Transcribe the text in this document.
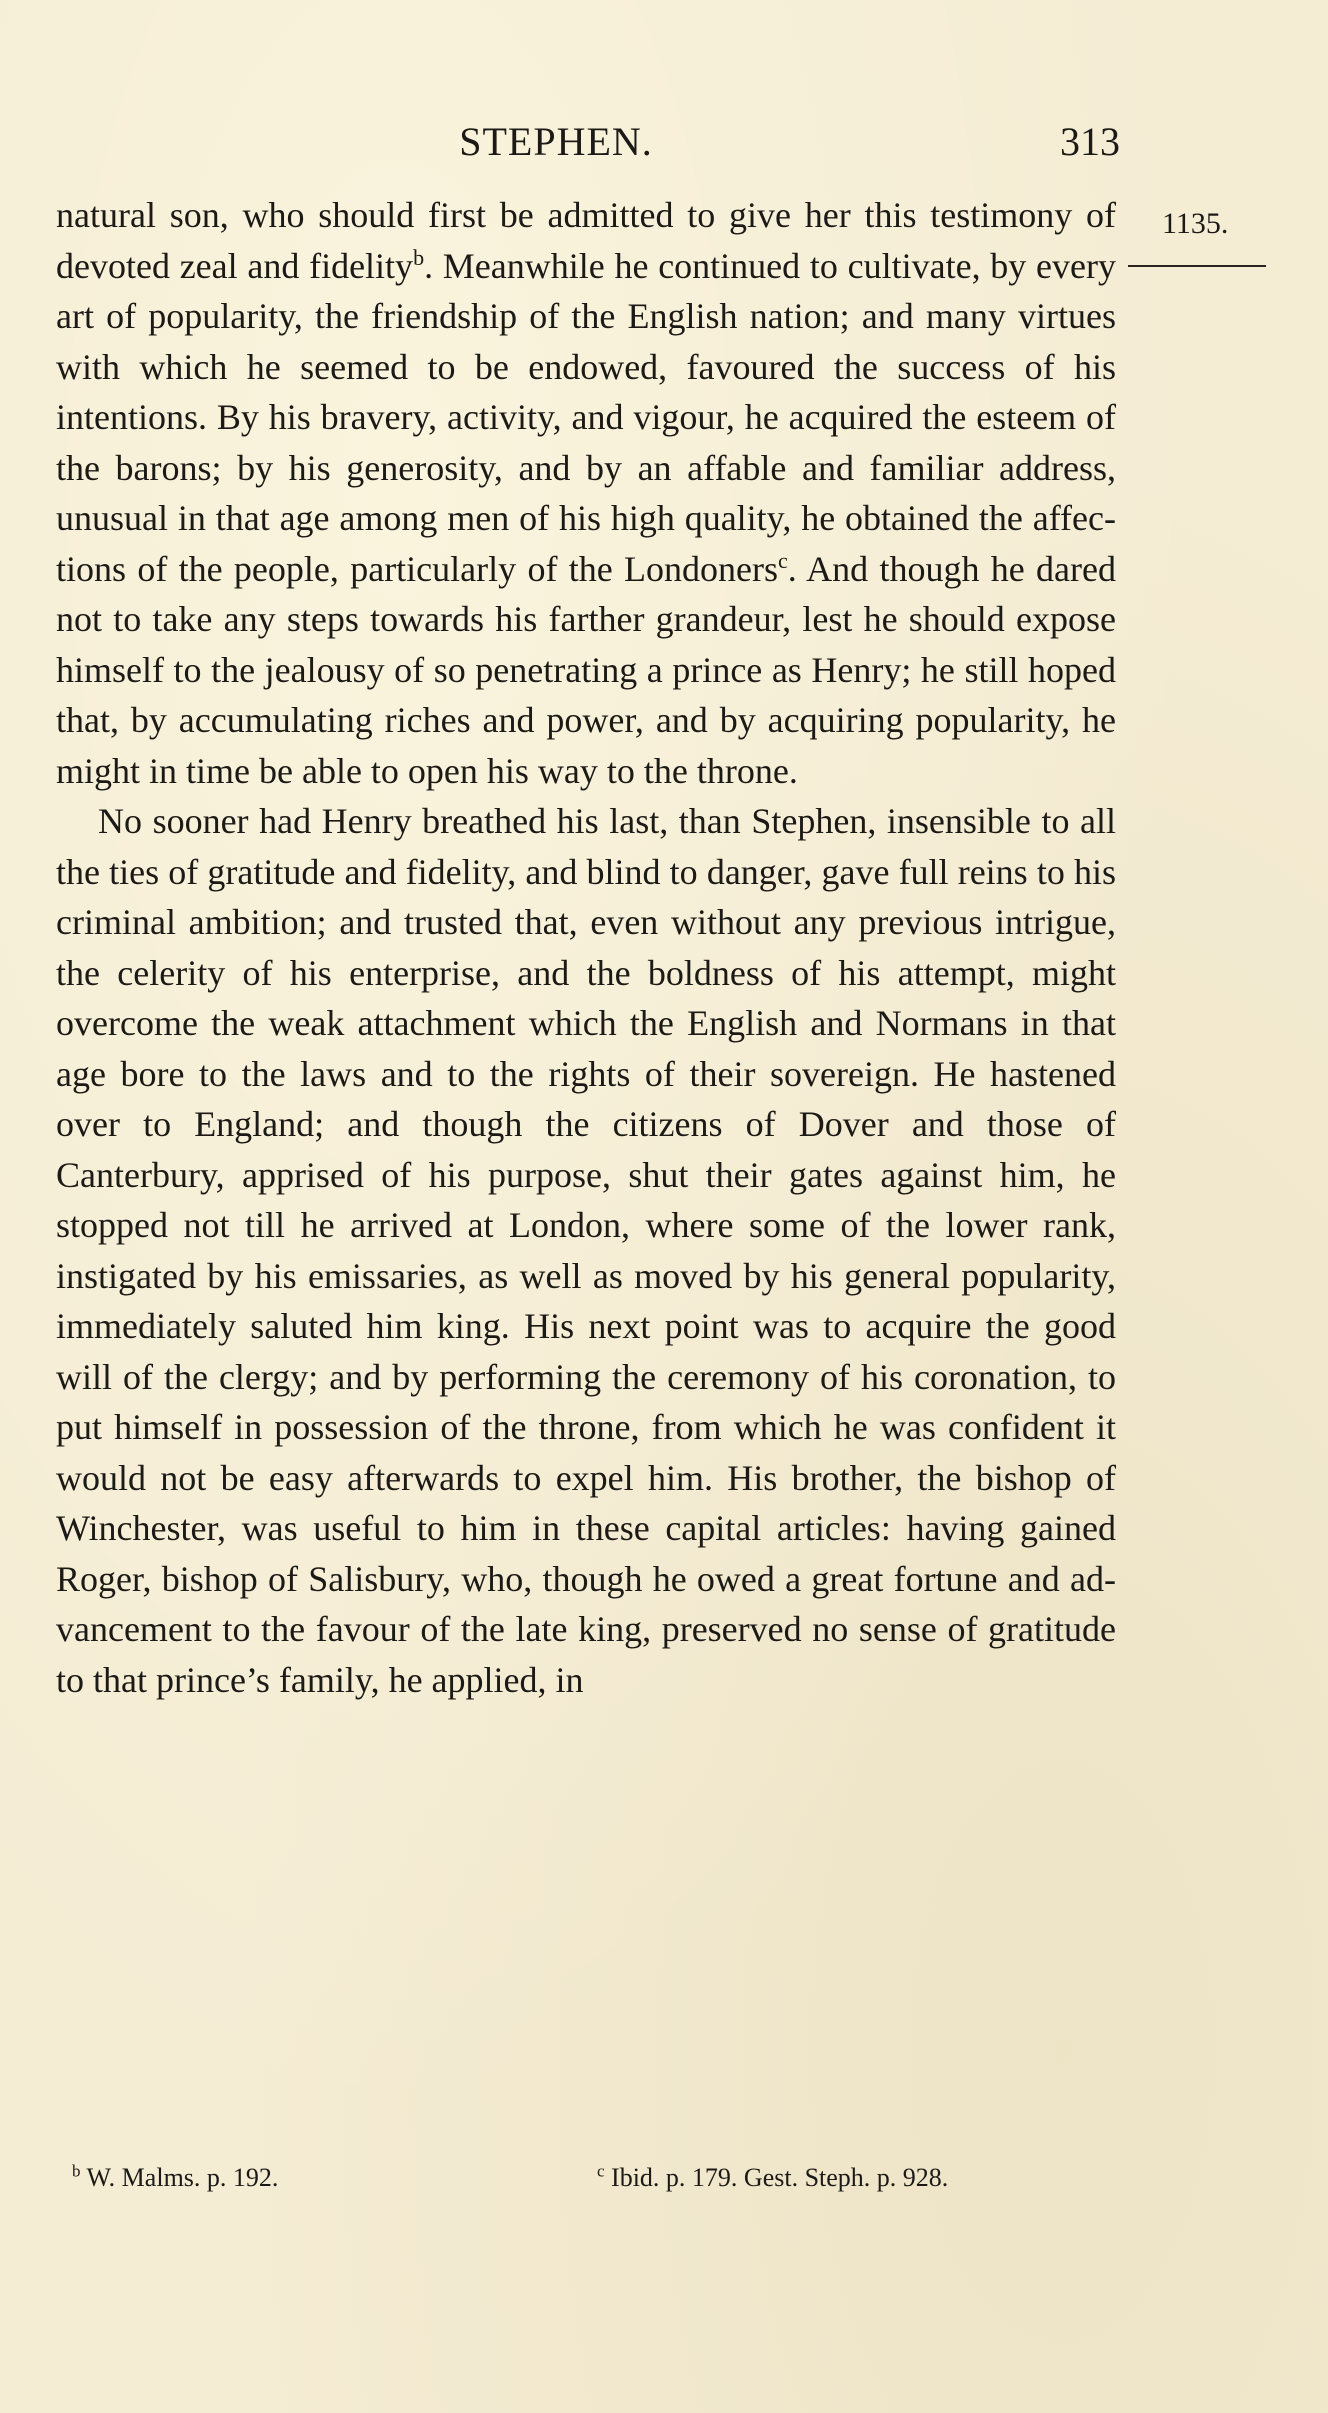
STEPHEN.	313
1135.

natural son, who should first be admitted to give her this testimony of devoted zeal and fidelity$^b$. Meanwhile he continued to cultivate, by every art of popularity, the friendship of the English nation; and many virtues with which he seemed to be endowed, favoured the success of his intentions. By his bravery, activity, and vigour, he acquired the esteem of the barons; by his generosity, and by an affable and familiar address, unusual in that age among men of his high quality, he obtained the affections of the people, particularly of the Londoners$^c$. And though he dared not to take any steps towards his farther grandeur, lest he should expose himself to the jealousy of so penetrating a prince as Henry; he still hoped that, by accumulating riches and power, and by acquiring popularity, he might in time be able to open his way to the throne.

No sooner had Henry breathed his last, than Stephen, insensible to all the ties of gratitude and fidelity, and blind to danger, gave full reins to his criminal ambition; and trusted that, even without any previous intrigue, the celerity of his enterprise, and the boldness of his attempt, might overcome the weak attachment which the English and Normans in that age bore to the laws and to the rights of their sovereign. He hastened over to England; and though the citizens of Dover and those of Canterbury, apprised of his purpose, shut their gates against him, he stopped not till he arrived at London, where some of the lower rank, instigated by his emissaries, as well as moved by his general popularity, immediately saluted him king. His next point was to acquire the good will of the clergy; and by performing the ceremony of his coronation, to put himself in possession of the throne, from which he was confident it would not be easy afterwards to expel him. His brother, the bishop of Winchester, was useful to him in these capital articles: having gained Roger, bishop of Salisbury, who, though he owed a great fortune and advancement to the favour of the late king, preserved no sense of gratitude to that prince’s family, he applied, in

$^b$ W. Malms. p. 192.	$^c$ Ibid. p. 179. Gest. Steph. p. 928.
